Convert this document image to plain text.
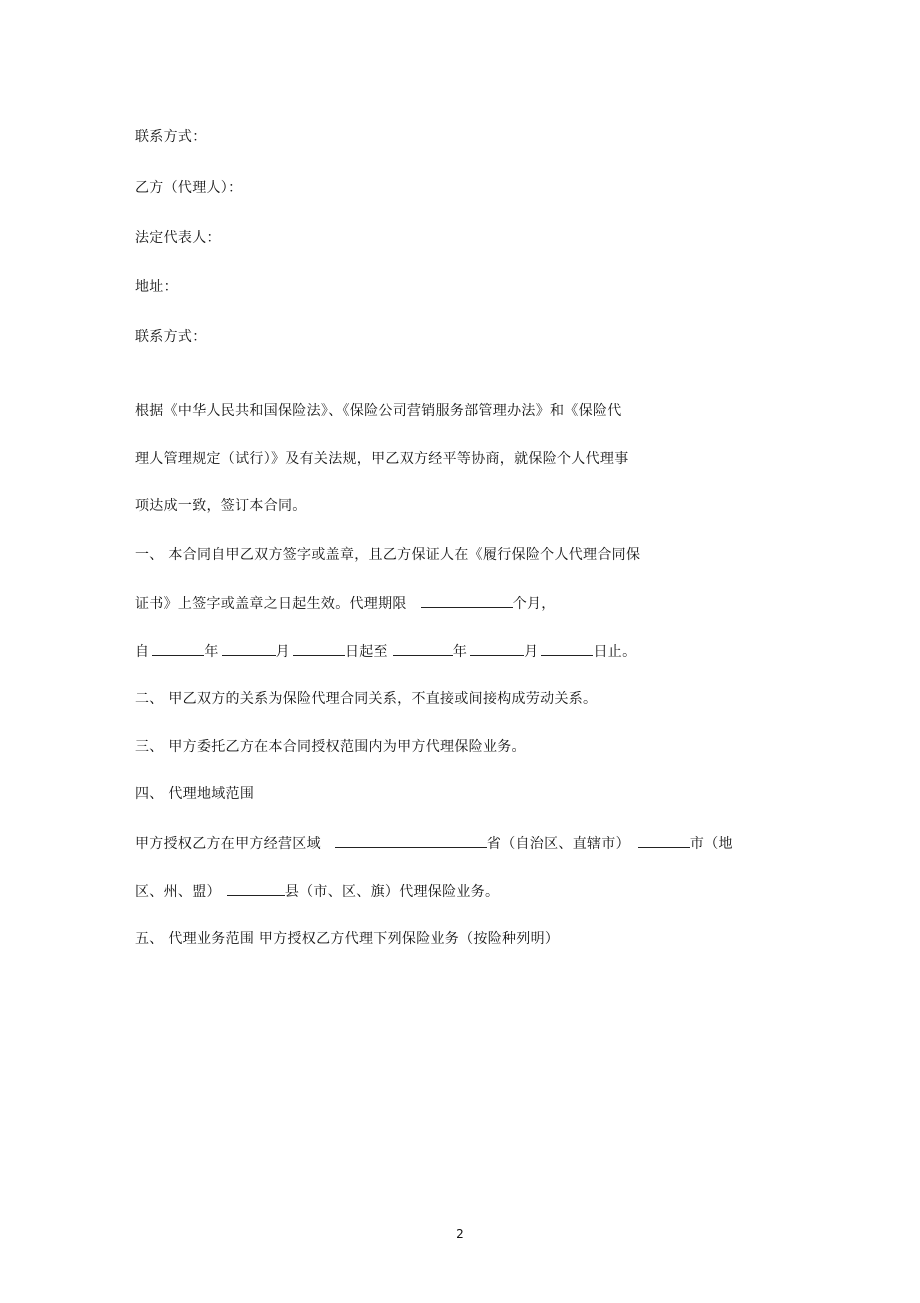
联系方式：
乙方（代理人）：
法定代表人：
地址：
联系方式：
根据《中华人民共和国保险法》、《保险公司营销服务部管理办法》和《保险代
理人管理规定（试行）》及有关法规，甲乙双方经平等协商，就保险个人代理事
项达成一致，签订本合同。
一、 本合同自甲乙双方签字或盖章，且乙方保证人在《履行保险个人代理合同保
证书》上签字或盖章之日起生效。代理期限	个月，
自	年	月	日起至	年	月	日止。
二、 甲乙双方的关系为保险代理合同关系，不直接或间接构成劳动关系。
三、 甲方委托乙方在本合同授权范围内为甲方代理保险业务。
四、 代理地域范围
甲方授权乙方在甲方经营区域	省（自治区、直辖市）	市（地
区、州、盟）	县（市、区、旗）代理保险业务。
五、 代理业务范围 甲方授权乙方代理下列保险业务（按险种列明）
2
